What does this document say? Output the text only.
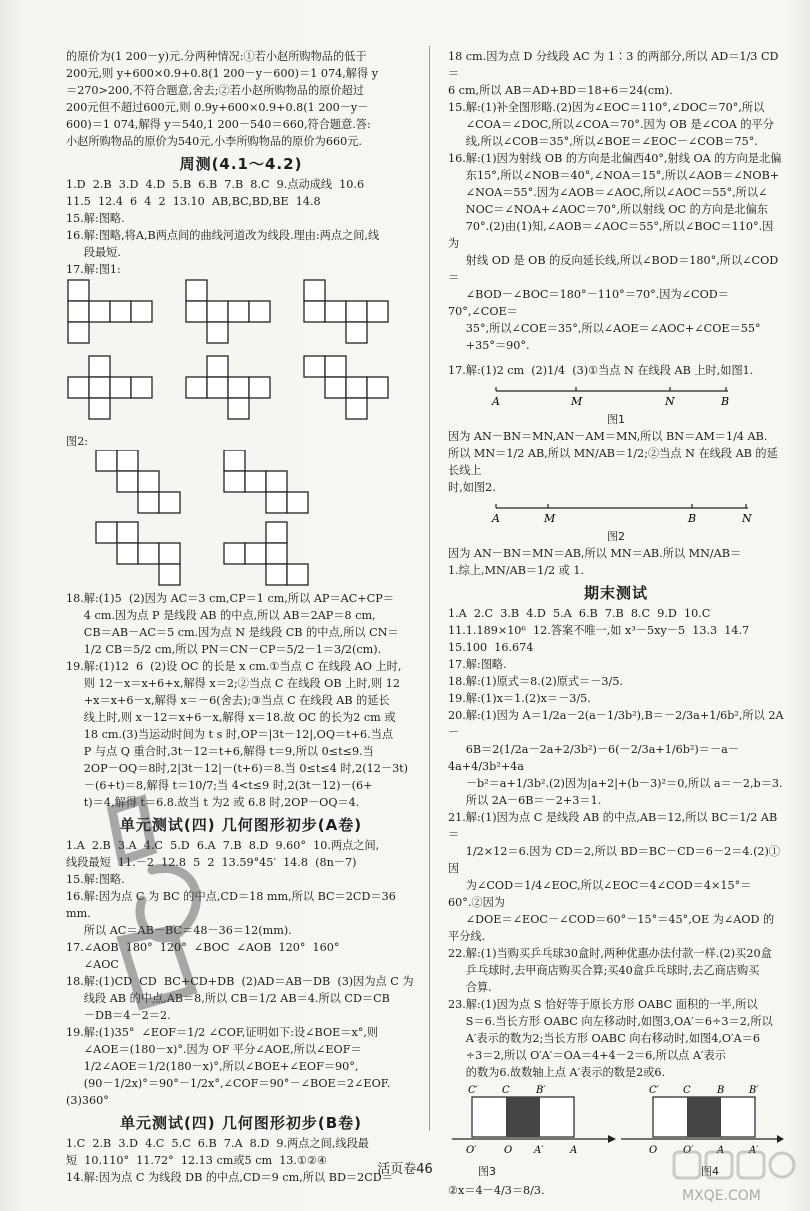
的原价为(1 200－y)元.分两种情况:①若小赵所购物品的低于

200元,则 y+600×0.9+0.8(1 200－y－600)＝1 074,解得 y

＝270>200,不符合题意,舍去;②若小赵所购物品的原价超过

200元但不超过600元,则 0.9y+600×0.9+0.8(1 200－y－

600)＝1 074,解得 y＝540,1 200－540＝660,符合题意.答:

小赵所购物品的原价为540元,小李所购物品的原价为660元.

周测(4.1～4.2)

1.D  2.B  3.D  4.D  5.B  6.B  7.B  8.C  9.点动成线  10.6

11.5  12.4  6  4  2  13.10  AB,BC,BD,BE  14.8

15.解:图略.

16.解:图略,将A,B两点间的曲线河道改为线段.理由:两点之间,线

段最短.

17.解:图1:

图2:

18.解:(1)5  (2)因为 AC＝3 cm,CP＝1 cm,所以 AP＝AC+CP＝

4 cm.因为点 P 是线段 AB 的中点,所以 AB＝2AP＝8 cm,

CB＝AB－AC＝5 cm.因为点 N 是线段 CB 的中点,所以 CN＝

1/2 CB＝5/2 cm,所以 PN＝CN－CP＝5/2－1＝3/2(cm).

19.解:(1)12  6  (2)设 OC 的长是 x cm.①当点 C 在线段 AO 上时,

则 12－x＝x+6+x,解得 x＝2;②当点 C 在线段 OB 上时,则 12

+x＝x+6－x,解得 x＝－6(舍去);③当点 C 在线段 AB 的延长

线上时,则 x－12＝x+6－x,解得 x＝18.故 OC 的长为2 cm 或

18 cm.(3)当运动时间为 t s 时,OP＝|3t－12|,OQ＝t+6.当点

P 与点 Q 重合时,3t－12＝t+6,解得 t＝9,所以 0≤t≤9.当

2OP－OQ＝8时,2|3t－12|－(t+6)＝8.当 0≤t≤4 时,2(12－3t)

－(6+t)＝8,解得 t＝10/7;当 4<t≤9 时,2(3t－12)－(6+

t)＝4,解得 t＝6.8.故当 t 为2 或 6.8 时,2OP－OQ＝4.

单元测试(四) 几何图形初步(A卷)

1.A  2.B  3.A  4.C  5.D  6.A  7.B  8.D  9.60°  10.两点之间,

线段最短  11.－2  12.8  5  2  13.59°45′  14.8  (8n－7)

15.解:图略.

16.解:因为点 C 为 BC 的中点,CD＝18 mm,所以 BC＝2CD＝36 mm.

所以 AC＝AB－BC＝48－36＝12(mm).

17.∠AOB  180°  120°  ∠BOC  ∠AOB  120°  160°

∠AOC

18.解:(1)CD  CD  BC+CD+DB  (2)AD＝AB－DB  (3)因为点 C 为

线段 AB 的中点,AB＝8,所以 CB＝1/2 AB＝4.所以 CD＝CB

－DB＝4－2＝2.

19.解:(1)35°  ∠EOF＝1/2 ∠COF,证明如下:设∠BOE＝x°,则

∠AOE＝(180－x)°.因为 OF 平分∠AOE,所以∠EOF＝

1/2∠AOE＝1/2(180－x)°,所以∠BOE+∠EOF＝90°,

(90－1/2x)°＝90°－1/2x°,∠COF＝90°－∠BOE＝2∠EOF.(3)360°

单元测试(四) 几何图形初步(B卷)

1.C  2.B  3.D  4.C  5.C  6.B  7.A  8.D  9.两点之间,线段最

短  10.110°  11.72°  12.13 cm或5 cm  13.①②④

14.解:因为点 C 为线段 DB 的中点,CD＝9 cm,所以 BD＝2CD＝

18 cm.因为点 D 分线段 AC 为 1∶3 的两部分,所以 AD＝1/3 CD＝

6 cm,所以 AB＝AD+BD＝18+6＝24(cm).

15.解:(1)补全图形略.(2)因为∠EOC＝110°,∠DOC＝70°,所以

∠COA＝∠DOC,所以∠COA＝70°.因为 OB 是∠COA 的平分

线,所以∠COB＝35°,所以∠BOE＝∠EOC－∠COB＝75°.

16.解:(1)因为射线 OB 的方向是北偏西40°,射线 OA 的方向是北偏

东15°,所以∠NOB＝40°,∠NOA＝15°,所以∠AOB＝∠NOB+

∠NOA＝55°.因为∠AOB＝∠AOC,所以∠AOC＝55°,所以∠

NOC＝∠NOA+∠AOC＝70°,所以射线 OC 的方向是北偏东

70°.(2)由(1)知,∠AOB＝∠AOC＝55°,所以∠BOC＝110°.因为

射线 OD 是 OB 的反向延长线,所以∠BOD＝180°,所以∠COD＝

∠BOD－∠BOC＝180°－110°＝70°.因为∠COD＝70°,∠COE＝

35°,所以∠COE＝35°,所以∠AOE＝∠AOC+∠COE＝55°

+35°＝90°.

17.解:(1)2 cm  (2)1/4  (3)①当点 N 在线段 AB 上时,如图1.

A	M	N	B
图1

因为 AN－BN＝MN,AN－AM＝MN,所以 BN＝AM＝1/4 AB.

所以 MN＝1/2 AB,所以 MN/AB＝1/2;②当点 N 在线段 AB 的延长线上

时,如图2.

A	M	B	N
图2

因为 AN－BN＝MN＝AB,所以 MN＝AB.所以 MN/AB＝

1.综上,MN/AB＝1/2 或 1.

期末测试

1.A  2.C  3.B  4.D  5.A  6.B  7.B  8.C  9.D  10.C

11.1.189×10⁶  12.答案不唯一,如 x³－5xy－5  13.3  14.7

15.100  16.674

17.解:图略.

18.解:(1)原式＝8.(2)原式＝－3/5.

19.解:(1)x＝1.(2)x＝－3/5.

20.解:(1)因为 A＝1/2a－2(a－1/3b²),B＝－2/3a+1/6b²,所以 2A－

6B＝2(1/2a－2a+2/3b²)－6(－2/3a+1/6b²)＝－a－4a+4/3b²+4a

－b²＝a+1/3b².(2)因为|a+2|+(b－3)²＝0,所以 a＝－2,b＝3.

所以 2A－6B＝－2+3＝1.

21.解:(1)因为点 C 是线段 AB 的中点,AB＝12,所以 BC＝1/2 AB＝

1/2×12＝6.因为 CD＝2,所以 BD＝BC－CD＝6－2＝4.(2)①因

为∠COD＝1/4∠EOC,所以∠EOC＝4∠COD＝4×15°＝60°.②因为

∠DOE＝∠EOC－∠COD＝60°－15°＝45°,OE 为∠AOD 的平分线.

22.解:(1)当购买乒乓球30盒时,两种优惠办法付款一样.(2)买20盒

乒乓球时,去甲商店购买合算;买40盒乒乓球时,去乙商店购买

合算.

23.解:(1)因为点 S 恰好等于原长方形 OABC 面积的一半,所以

S＝6.当长方形 OABC 向左移动时,如图3,OA′＝6÷3＝2,所以

A′表示的数为2;当长方形 OABC 向右移动时,如图4,O′A＝6

÷3＝2,所以 O′A′＝OA＝4+4－2＝6,所以点 A′表示

的数为6.故数轴上点 A′表示的数是2或6.

C′ C	B′
O′	O A′	A
图3
C′ C	B B′
O	O′ A A′
图4

②x＝4－4/3＝8/3.

活页卷46
MXQE.COM
